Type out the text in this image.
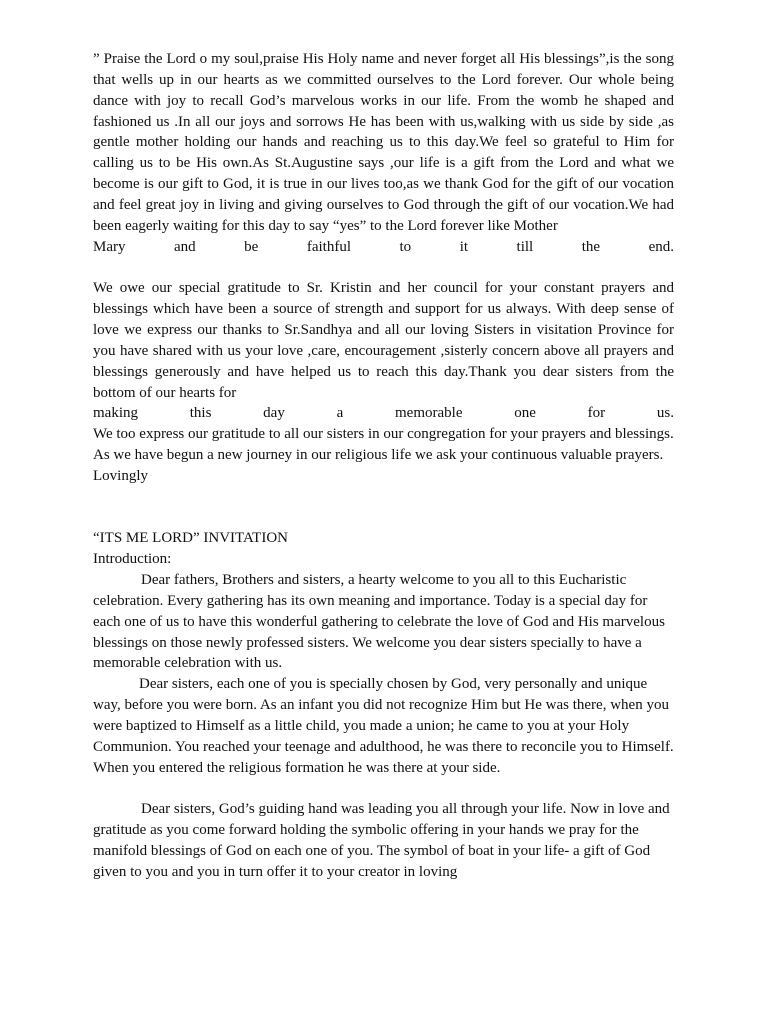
” Praise the Lord o my soul,praise His Holy name and never forget all His blessings”,is the song that wells up in our hearts as we committed ourselves to the Lord forever. Our whole being dance with joy to recall God’s marvelous works in our life. From the womb he shaped and fashioned us .In all our joys and sorrows He has been with us,walking with us side by side ,as gentle mother holding our hands and reaching us to this day.We feel so grateful to Him for calling us to be His own.As St.Augustine says ,our life is a gift from the Lord and what we become is our gift to God, it is true in our lives too,as we thank God for the gift of our vocation and feel great joy in living and giving ourselves to God through the gift of our vocation.We had been eagerly waiting for this day to say “yes” to the Lord forever like Mother

Mary and be faithful to it till the end.

We owe our special gratitude to Sr. Kristin and her council for your constant prayers and blessings which have been a source of strength and support for us always. With deep sense of love we express our thanks to Sr.Sandhya and all our loving Sisters in visitation Province for you have shared with us your love ,care, encouragement ,sisterly concern above all prayers and blessings generously and have helped us to reach this day.Thank you dear sisters from the bottom of our hearts for

making this day a memorable one for us.

We too express our gratitude to all our sisters in our congregation for your prayers and blessings.

As we have begun a new journey in our religious life we ask your continuous valuable prayers.

Lovingly

“ITS ME LORD” INVITATION

Introduction:

Dear fathers, Brothers and sisters, a hearty welcome to you all to this Eucharistic celebration. Every gathering has its own meaning and importance. Today is a special day for each one of us to have this wonderful gathering to celebrate the love of God and His marvelous blessings on those newly professed sisters. We welcome you dear sisters specially to have a memorable celebration with us.

Dear sisters, each one of you is specially chosen by God, very personally and unique way, before you were born. As an infant you did not recognize Him but He was there, when you were baptized to Himself as a little child, you made a union; he came to you at your Holy Communion. You reached your teenage and adulthood, he was there to reconcile you to Himself. When you entered the religious formation he was there at your side.

Dear sisters, God’s guiding hand was leading you all through your life. Now in love and gratitude as you come forward holding the symbolic offering in your hands we pray for the manifold blessings of God on each one of you. The symbol of boat in your life- a gift of God given to you and you in turn offer it to your creator in loving
